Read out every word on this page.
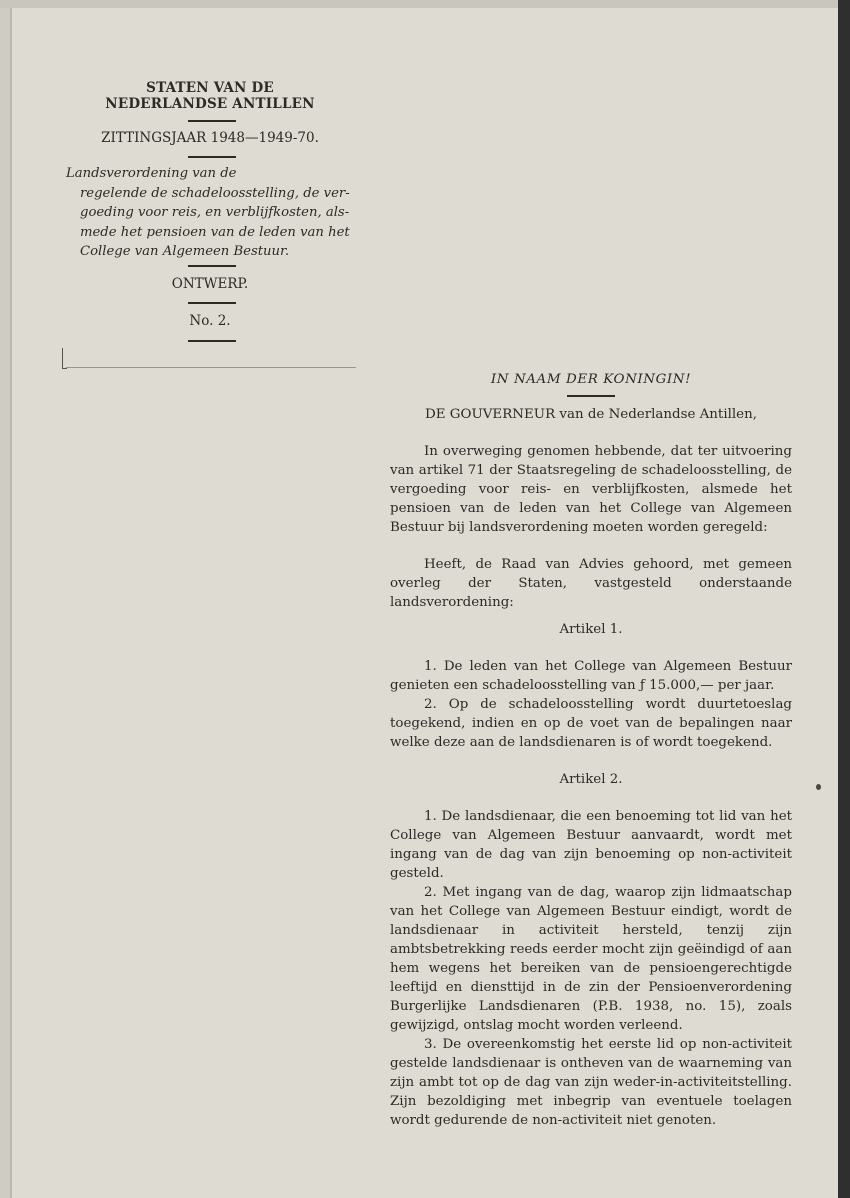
STATEN VAN DE
NEDERLANDSE ANTILLEN
ZITTINGSJAAR 1948—1949-70.
Landsverordening van de
regelende de schadeloosstelling, de ver-
goeding voor reis, en verblijfkosten, als-
mede het pensioen van de leden van het
College van Algemeen Bestuur.
ONTWERP.
No. 2.

IN NAAM DER KONINGIN!

DE GOUVERNEUR van de Nederlandse Antillen,

In overweging genomen hebbende, dat ter uitvoering van artikel 71 der Staatsregeling de schadeloosstelling, de vergoeding voor reis- en verblijfkosten, alsmede het pensioen van de leden van het College van Algemeen Bestuur bij landsverordening moeten worden geregeld:

Heeft, de Raad van Advies gehoord, met gemeen overleg der Staten, vastgesteld onderstaande landsverordening:

Artikel 1.

1. De leden van het College van Algemeen Bestuur genieten een schadeloosstelling van ƒ 15.000,— per jaar.

2. Op de schadeloosstelling wordt duurtetoeslag toegekend, indien en op de voet van de bepalingen naar welke deze aan de landsdienaren is of wordt toegekend.

Artikel 2.

1. De landsdienaar, die een benoeming tot lid van het College van Algemeen Bestuur aanvaardt, wordt met ingang van de dag van zijn benoeming op non-activiteit gesteld.

2. Met ingang van de dag, waarop zijn lidmaatschap van het College van Algemeen Bestuur eindigt, wordt de landsdienaar in activiteit hersteld, tenzij zijn ambtsbetrekking reeds eerder mocht zijn geëindigd of aan hem wegens het bereiken van de pensioengerechtigde leeftijd en diensttijd in de zin der Pensioenverordening Burgerlijke Landsdienaren (P.B. 1938, no. 15), zoals gewijzigd, ontslag mocht worden verleend.

3. De overeenkomstig het eerste lid op non-activiteit gestelde landsdienaar is ontheven van de waarneming van zijn ambt tot op de dag van zijn weder-in-activiteitstelling. Zijn bezoldiging met inbegrip van eventuele toelagen wordt gedurende de non-activiteit niet genoten.
